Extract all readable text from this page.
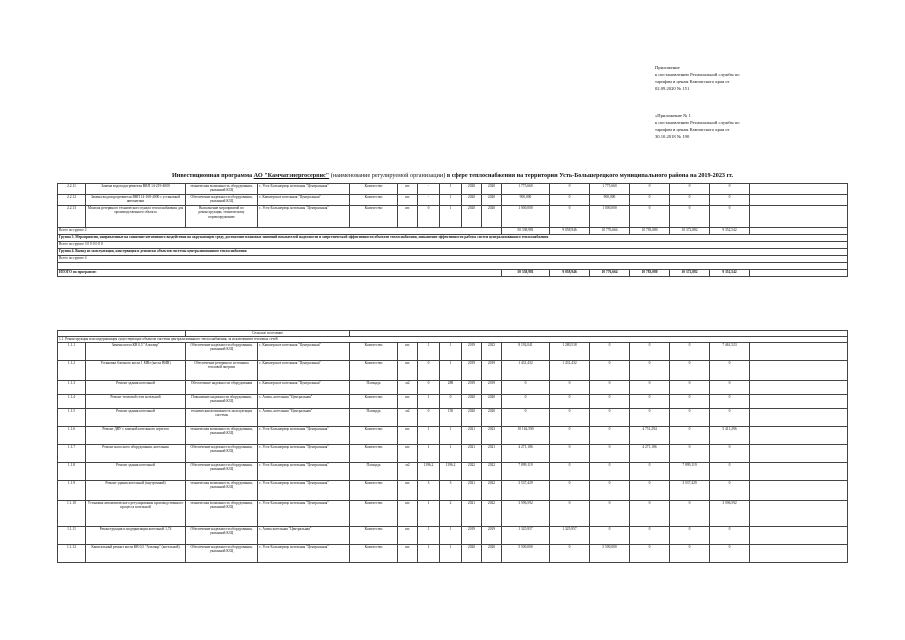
Приложение
к постановлению Региональной службы по
тарифам и ценам Камчатского края от
02.09.2020 № 151
«Приложение № 1
к постановлению Региональной службы по
тарифам и ценам Камчатского края от
30.10.2018 № 190
Инвестиционная программа АО "Камчатэнергосервис" (наименование регулируемой организации) в сфере теплоснабжения на территории Усть-Большерецкого муниципального района на 2019-2023 гг.
2.2.11	Замена водоподогревателя ВВП 14-219-4000	техническая возможность оборудования, указанной КЗЦ	с. Усть-Большерецк котельная "Центральная"	Количество	шт.	-	1	2020	2020	1 775,660	0	1 775,660	0	0	0	
2.2.12	Замена водоподогревателя ВВП 14-168-4000 с установкой автоматики	Обеспечение надежности оборудования, указанной КЗЦ	с. Кавалерское котельная "Центральная"	Количество	шт.	-	1	2020	2020	900,000	0	900,000	0	0	0	
2.2.13	Монтаж резервного технического пункта теплоснабжения для производственного объекта	Выполнение мероприятий по реконструкции, техническому перевооружению	с. Усть-Большерецк котельная "Центральная"	Количество	шт.	0	1	2020	2020	1 000,000	0	1 000,000	0	0	0	
Всего по группе 2										50 338,981	9 058,946	10 776,664	10 783,080	10 372,882	9 352,542	
Группа 3. Мероприятия, направленные на снижение негативного воздействия на окружающую среду, достижение плановых значений показателей надежности и энергетической эффективности объектов теплоснабжения, повышение эффективности работы систем централизованного теплоснабжения																
Всего по группе 3 0 0 0 0 0 0																
Группа 4. Вывод из эксплуатации, консервация и демонтаж объектов системы централизованного теплоснабжения																
Всего по группе 4																

ИТОГО по программе:										50 338,981	9 058,946	10 776,664	10 783,080	10 372,882	9 352,542	
		Сельское поселение														
1.1. Реконструкция или модернизация существующих объектов системы централизованного теплоснабжения, за исключением тепловых сетей																
1.1.1	Замена котла КВ 0,5 "Альтаир"	Обеспечение надежности оборудования, указанной КЗЦ	с. Кавалерское котельная "Центральная"	Количество	шт.	1	1	2019	2023	8 192,041	1 280,518	0	0	0	7 461,523	
1.1.2	Установка блочного котла 1 МВт (котла ВИВ)	Обеспечение резервного источника тепловой энергии	с. Кавалерское котельная "Центральная"	Количество	шт.	0	1	2019	2019	1 431,432	1 431,432	0	0	0	0	
1.1.3	Ремонт здания котельной	Обеспечение надежности оборудования	с. Кавалерское котельная "Центральная"	Площадь	м2	0	288	2019	2019	0	0	0	0	0	0	
1.1.4	Ремонт тепловой сети котельной	Повышение надежности оборудования, указанной КЗЦ	с. Апача, котельная "Центральная"	Количество	шт.	1	0	2020	2020	0	0	0	0	0	0	
1.1.5	Ремонт здания котельной	техническая возможность эксплуатации системы	с. Апача, котельная "Центральная"	Площадь	м2	0	150	2020	2020	0	0	0	0	0	0	
1.1.6	Ремонт ДВУ с заменой котельного агрегата	техническая возможность оборудования, указанной КЗЦ	с. Усть-Большерецк котельная "Центральная"	Количество	шт.	1	1	2021	2023	10 162,590	0	0	4 751,294	0	5 411,296	
1.1.7	Ремонт насосного оборудования, котельная	Обеспечение надежности оборудования, указанной КЗЦ	с. Усть-Большерецк котельная "Центральная"	Количество	шт.	1	1	2021	2021	4 271,186	0	0	4 271,186	0	0	
1.1.8	Ремонт здания котельной	Обеспечение надежности оборудования, указанной КЗЦ	с. Усть-Большерецк котельная "Центральная"	Площадь	м2	1196,2	1196,2	2022	2022	7 899,119	0	0	0	7 899,119	0	
1.1.9	Ремонт здания котельной (внутренний)	техническая возможность оборудования, указанной КЗЦ	с. Усть-Большерецк котельная "Центральная"	Количество	шт.	3	3	2021	2022	3 537,429	0	0	0	3 537,429	0	
1.1.10	Установка автоматического регулирования производственного процесса котельной	техническая возможность оборудования, указанной КЗЦ	с. Усть-Большерецк котельная "Центральная"	Количество	шт.	1	2	2021	2022	3 596,592	0	0	0	0	3 596,592	
1.1.11	Реконструкция и модернизация котельной 1,74	Обеспечение надежности оборудования, указанной КЗЦ	с. Апача котельная "Центральная"	Количество	шт.	1	1	2019	2019	1 325,957	1 325,957	0	0	0	0	
1.1.12	Капитальный ремонт котла КВ 0,5 "Альтаир" (котельной)	Обеспечение надежности оборудования, указанной КЗЦ	с. Усть-Большерецк котельная "Центральная"	Количество	шт.	1	1	2020	2020	5 500,000	0	5 500,000	0	0	0	
